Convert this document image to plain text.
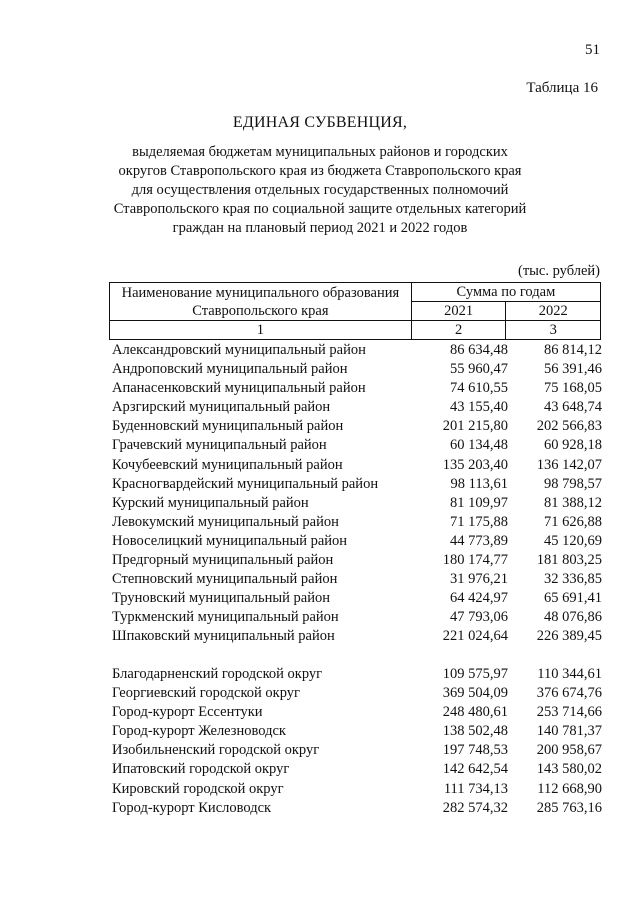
51
Таблица 16
ЕДИНАЯ СУБВЕНЦИЯ,
выделяемая бюджетам муниципальных районов и городских округов Ставропольского края из бюджета Ставропольского края для осуществления отдельных государственных полномочий Ставропольского края по социальной защите отдельных категорий граждан на плановый период 2021 и 2022 годов
(тыс. рублей)
Наименование муниципального образования Ставропольского края	Сумма по годам	
	2021	2022
1	2	3
Александровский муниципальный район	86 634,48 86 814,12
Андроповский муниципальный район	55 960,47 56 391,46
Апанасенковский муниципальный район	74 610,55 75 168,05
Арзгирский муниципальный район	43 155,40 43 648,74
Буденновский муниципальный район	201 215,80 202 566,83
Грачевский муниципальный район	60 134,48 60 928,18
Кочубеевский муниципальный район	135 203,40 136 142,07
Красногвардейский муниципальный район	98 113,61 98 798,57
Курский муниципальный район	81 109,97 81 388,12
Левокумский муниципальный район	71 175,88 71 626,88
Новоселицкий муниципальный район	44 773,89 45 120,69
Предгорный муниципальный район	180 174,77 181 803,25
Степновский муниципальный район	31 976,21 32 336,85
Труновский муниципальный район	64 424,97 65 691,41
Туркменский муниципальный район	47 793,06 48 076,86
Шпаковский муниципальный район	221 024,64 226 389,45
Благодарненский городской округ	109 575,97 110 344,61
Георгиевский городской округ	369 504,09 376 674,76
Город-курорт Ессентуки	248 480,61 253 714,66
Город-курорт Железноводск	138 502,48 140 781,37
Изобильненский городской округ	197 748,53 200 958,67
Ипатовский городской округ	142 642,54 143 580,02
Кировский городской округ	111 734,13 112 668,90
Город-курорт Кисловодск	282 574,32 285 763,16
